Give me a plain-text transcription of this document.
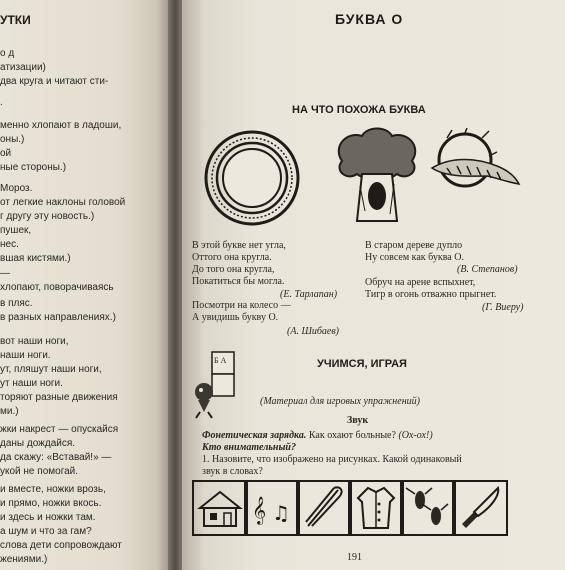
УТКИ
о д
атизации)
два круга и читают сти-
.
менно хлопают в ладоши,
оны.)
ой
ные стороны.)
Мороз.
от легкие наклоны головой
г другу эту новость.)
пушек,
нес.
вшая кистями.)
—
хлопают, поворачиваясь
в пляс.
в разных направлениях.)
вот наши ноги,
наши ноги.
ут, пляшут наши ноги,
ут наши ноги.
торяют разные движения
ми.)
жки накрест — опускайся
даны дождайся.
да скажу: «Вставай!» —
укой не помогай.
и вместе, ножки врозь,
и прямо, ножки вкось.
и здесь и ножки там.
а шум и что за гам?
слова дети сопровождают
жениями.)
БУКВА О
НА ЧТО ПОХОЖА БУКВА
В этой букве нет угла,
Оттого она кругла.
До того она кругла,
Покатиться бы могла.
(Е. Тарлапан)
Посмотри на колесо —
А увидишь букву О.
(А. Шибаев)
В старом дереве дупло
Ну совсем как буква О.
(В. Степанов)
Обруч на арене вспыхнет,
Тигр в огонь отважно прыгнет.
(Г. Виеру)
УЧИМСЯ, ИГРАЯ
Б А
(Материал для игровых упражнений)
Звук
Фонетическая зарядка. Как охают больные? (Ох-ох!)
Кто внимательный?
1. Назовите, что изображено на рисунках. Какой одинаковый
звук в словах?
𝄞 ♫
191
